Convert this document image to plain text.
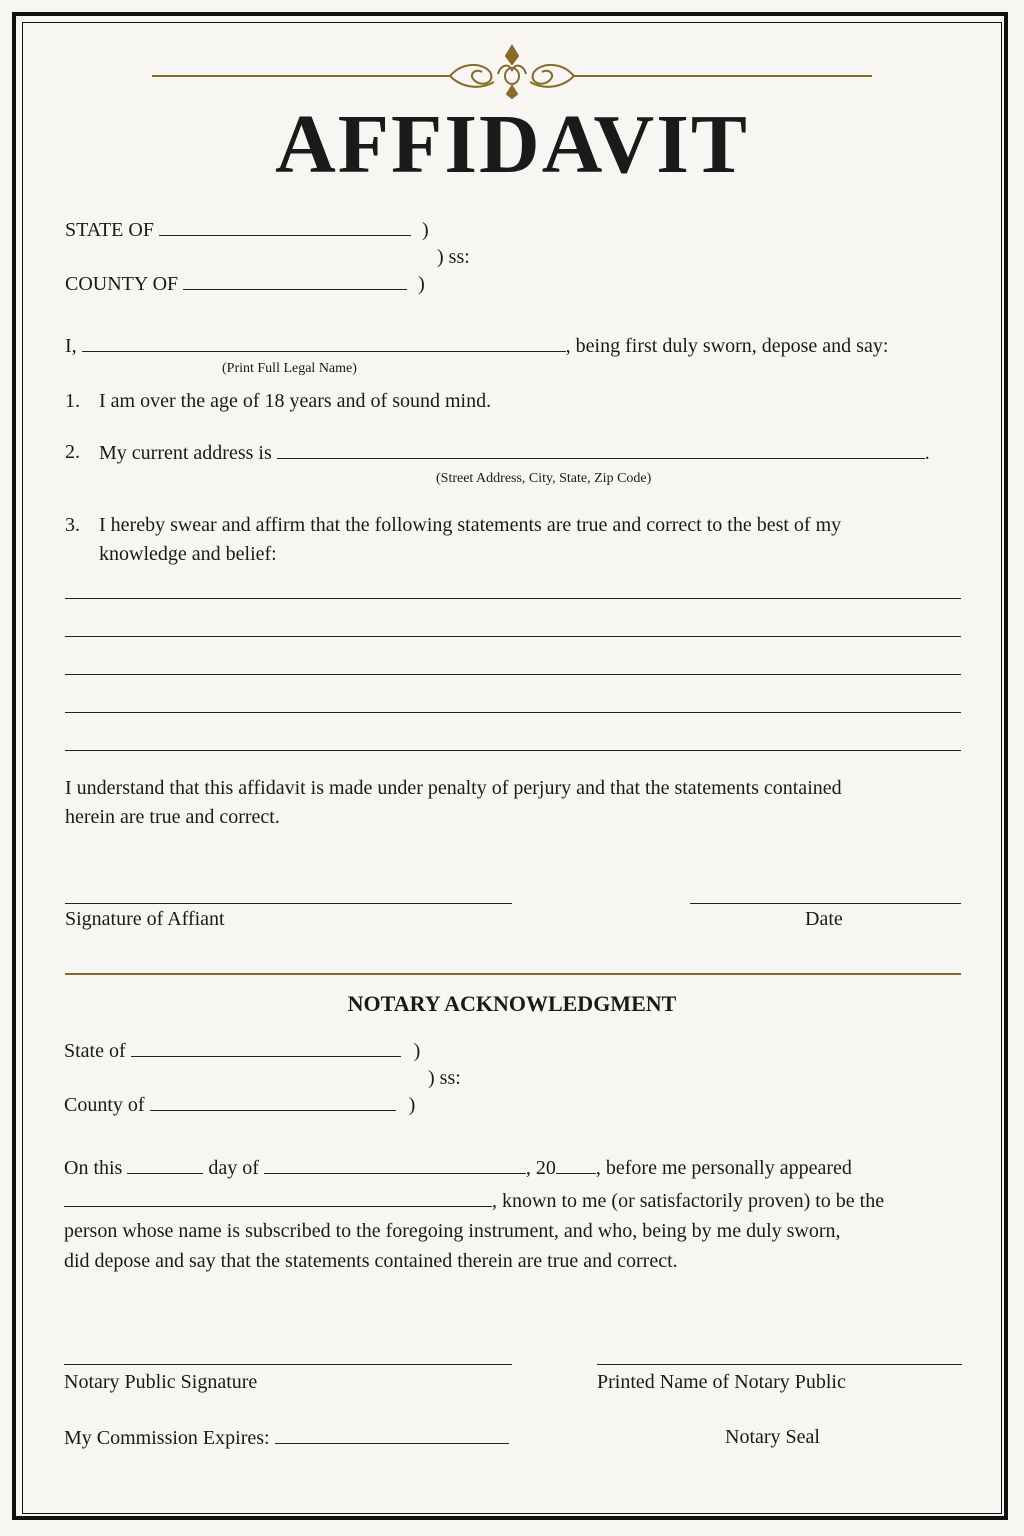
AFFIDAVIT
STATE OF	)
) ss:
COUNTY OF	)
I,	, being first duly sworn, depose and say:
(Print Full Legal Name)
1. I am over the age of 18 years and of sound mind.
2. My current address is	.
(Street Address, City, State, Zip Code)
3. I hereby swear and affirm that the following statements are true and correct to the best of my
knowledge and belief:
I understand that this affidavit is made under penalty of perjury and that the statements contained
herein are true and correct.
Signature of Affiant	Date
NOTARY ACKNOWLEDGMENT
State of	)
) ss:
County of	)
On this	day of	, 20 , before me personally appeared
, known to me (or satisfactorily proven) to be the
person whose name is subscribed to the foregoing instrument, and who, being by me duly sworn,
did depose and say that the statements contained therein are true and correct.
Notary Public Signature	Printed Name of Notary Public
My Commission Expires:	Notary Seal
